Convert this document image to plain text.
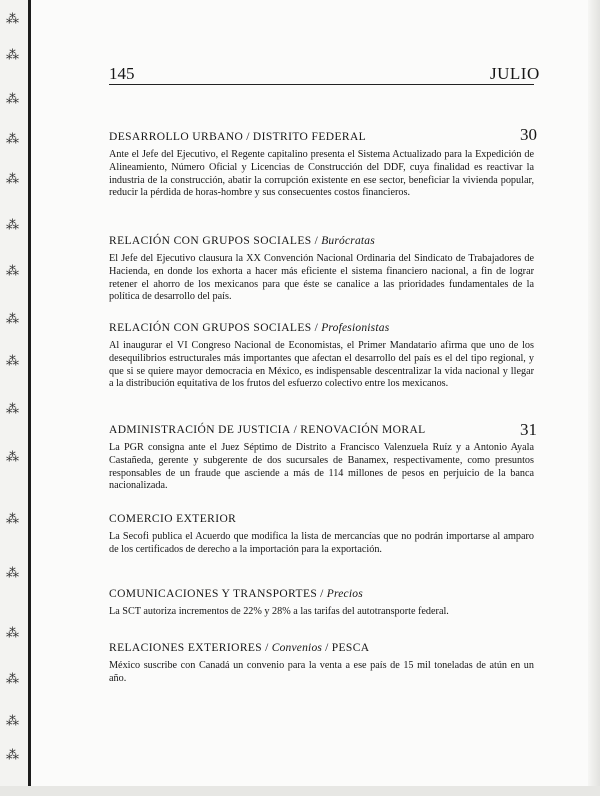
⁂
⁂
⁂
⁂
⁂
⁂
⁂
⁂
⁂
⁂
⁂
⁂
⁂
⁂
⁂
⁂
⁂
145	JULIO
30
31
DESARROLLO URBANO / DISTRITO FEDERAL

Ante el Jefe del Ejecutivo, el Regente capitalino presenta el Sistema Actualizado para la Expedición de Alineamiento, Número Oficial y Licencias de Construcción del DDF, cuya finalidad es reactivar la industria de la construcción, abatir la corrupción existente en ese sector, beneficiar la vivienda popular, reducir la pérdida de horas-hombre y sus consecuentes costos financieros.

RELACIÓN CON GRUPOS SOCIALES / Burócratas

El Jefe del Ejecutivo clausura la XX Convención Nacional Ordinaria del Sindicato de Trabajadores de Hacienda, en donde los exhorta a hacer más eficiente el sistema financiero nacional, a fin de lograr retener el ahorro de los mexicanos para que éste se canalice a las prioridades fundamentales de la política de desarrollo del país.

RELACIÓN CON GRUPOS SOCIALES / Profesionistas

Al inaugurar el VI Congreso Nacional de Economistas, el Primer Mandatario afirma que uno de los desequilibrios estructurales más importantes que afectan el desarrollo del país es el del tipo regional, y que si se quiere mayor democracia en México, es indispensable descentralizar la vida nacional y llegar a la distribución equitativa de los frutos del esfuerzo colectivo entre los mexicanos.

ADMINISTRACIÓN DE JUSTICIA / RENOVACIÓN MORAL

La PGR consigna ante el Juez Séptimo de Distrito a Francisco Valenzuela Ruíz y a Antonio Ayala Castañeda, gerente y subgerente de dos sucursales de Banamex, respectivamente, como presuntos responsables de un fraude que asciende a más de 114 millones de pesos en perjuicio de la banca nacionalizada.

COMERCIO EXTERIOR

La Secofi publica el Acuerdo que modifica la lista de mercancías que no podrán importarse al amparo de los certificados de derecho a la importación para la exportación.

COMUNICACIONES Y TRANSPORTES / Precios

La SCT autoriza incrementos de 22% y 28% a las tarifas del autotransporte federal.

RELACIONES EXTERIORES / Convenios / PESCA

México suscribe con Canadá un convenio para la venta a ese país de 15 mil toneladas de atún en un año.
